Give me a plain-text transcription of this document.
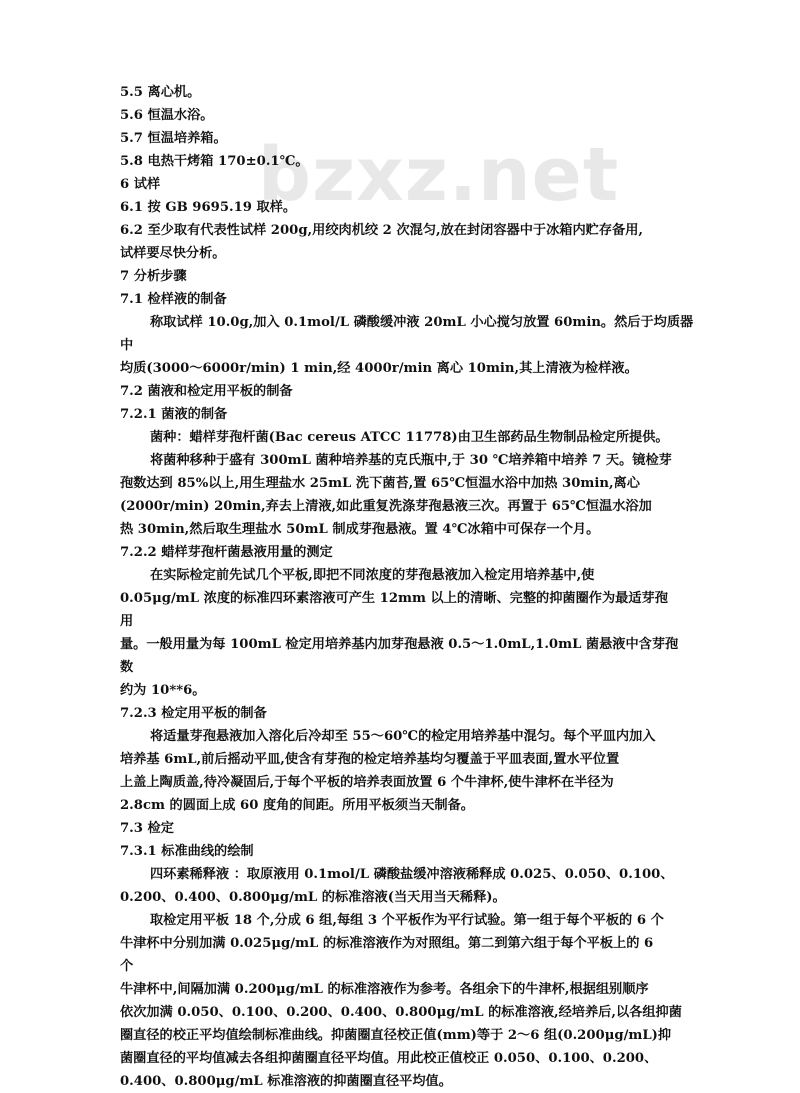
bzxz.net
5.5 离心机。
5.6 恒温水浴。
5.7 恒温培养箱。
5.8 电热干烤箱 170±0.1℃。
6 试样
6.1 按 GB 9695.19 取样。
6.2 至少取有代表性试样 200g,用绞肉机绞 2 次混匀,放在封闭容器中于冰箱内贮存备用,
试样要尽快分析。
7 分析步骤
7.1 检样液的制备
称取试样 10.0g,加入 0.1mol/L 磷酸缓冲液 20mL 小心搅匀放置 60min。然后于均质器
中
均质(3000～6000r/min) 1 min,经 4000r/min 离心 10min,其上清液为检样液。
7.2 菌液和检定用平板的制备
7.2.1 菌液的制备
菌种：蜡样芽孢杆菌(Bac cereus ATCC 11778)由卫生部药品生物制品检定所提供。
将菌种移种于盛有 300mL 菌种培养基的克氏瓶中,于 30 ℃培养箱中培养 7 天。镜检芽
孢数达到 85%以上,用生理盐水 25mL 洗下菌苔,置 65℃恒温水浴中加热 30min,离心
(2000r/min) 20min,弃去上清液,如此重复洗涤芽孢悬液三次。再置于 65℃恒温水浴加
热 30min,然后取生理盐水 50mL 制成芽孢悬液。置 4℃冰箱中可保存一个月。
7.2.2 蜡样芽孢杆菌悬液用量的测定
在实际检定前先试几个平板,即把不同浓度的芽孢悬液加入检定用培养基中,使
0.05μg/mL 浓度的标准四环素溶液可产生 12mm 以上的清晰、完整的抑菌圈作为最适芽孢
用
量。一般用量为每 100mL 检定用培养基内加芽孢悬液 0.5～1.0mL,1.0mL 菌悬液中含芽孢
数
约为 10**6。
7.2.3 检定用平板的制备
将适量芽孢悬液加入溶化后冷却至 55～60℃的检定用培养基中混匀。每个平皿内加入
培养基 6mL,前后摇动平皿,使含有芽孢的检定培养基均匀覆盖于平皿表面,置水平位置
上盖上陶质盖,待冷凝固后,于每个平板的培养表面放置 6 个牛津杯,使牛津杯在半径为
2.8cm 的圆面上成 60 度角的间距。所用平板须当天制备。
7.3 检定
7.3.1 标准曲线的绘制
四环素稀释液 ：取原液用 0.1mol/L 磷酸盐缓冲溶液稀释成 0.025、0.050、0.100、
0.200、0.400、0.800μg/mL 的标准溶液(当天用当天稀释)。
取检定用平板 18 个,分成 6 组,每组 3 个平板作为平行试验。第一组于每个平板的 6 个
牛津杯中分别加满 0.025μg/mL 的标准溶液作为对照组。第二到第六组于每个平板上的 6
个
牛津杯中,间隔加满 0.200μg/mL 的标准溶液作为参考。各组余下的牛津杯,根据组别顺序
依次加满 0.050、0.100、0.200、0.400、0.800μg/mL 的标准溶液,经培养后,以各组抑菌
圈直径的校正平均值绘制标准曲线。抑菌圈直径校正值(mm)等于 2～6 组(0.200μg/mL)抑
菌圈直径的平均值减去各组抑菌圈直径平均值。用此校正值校正 0.050、0.100、0.200、
0.400、0.800μg/mL 标准溶液的抑菌圈直径平均值。
